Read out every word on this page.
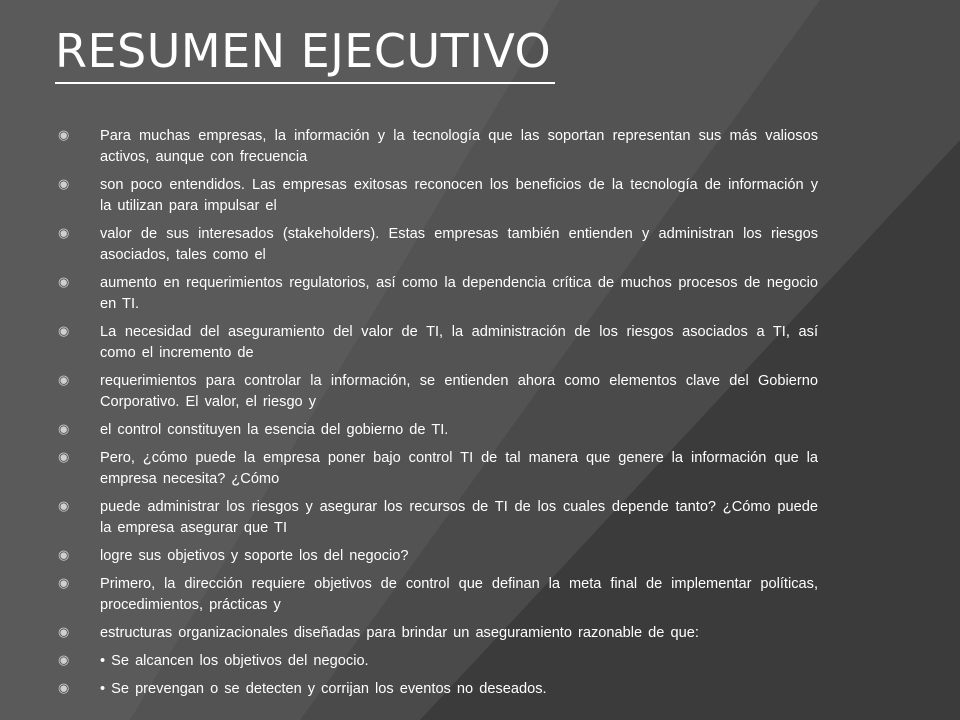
RESUMEN EJECUTIVO
◉	Para muchas empresas, la información y la tecnología que las soportan representan sus más valiosos activos, aunque con frecuencia
◉	son poco entendidos. Las empresas exitosas reconocen los beneficios de la tecnología de información y la utilizan para impulsar el
◉	valor de sus interesados (stakeholders). Estas empresas también entienden y administran los riesgos asociados, tales como el
◉	aumento en requerimientos regulatorios, así como la dependencia crítica de muchos procesos de negocio en TI.
◉	La necesidad del aseguramiento del valor de TI, la administración de los riesgos asociados a TI, así como el incremento de
◉	requerimientos para controlar la información, se entienden ahora como elementos clave del Gobierno Corporativo. El valor, el riesgo y
◉	el control constituyen la esencia del gobierno de TI.
◉	Pero, ¿cómo puede la empresa poner bajo control TI de tal manera que genere la información que la empresa necesita? ¿Cómo
◉	puede administrar los riesgos y asegurar los recursos de TI de los cuales depende tanto? ¿Cómo puede la empresa asegurar que TI
◉	logre sus objetivos y soporte los del negocio?
◉	Primero, la dirección requiere objetivos de control que definan la meta final de implementar políticas, procedimientos, prácticas y
◉	estructuras organizacionales diseñadas para brindar un aseguramiento razonable de que:
◉	• Se alcancen los objetivos del negocio.
◉	• Se prevengan o se detecten y corrijan los eventos no deseados.
